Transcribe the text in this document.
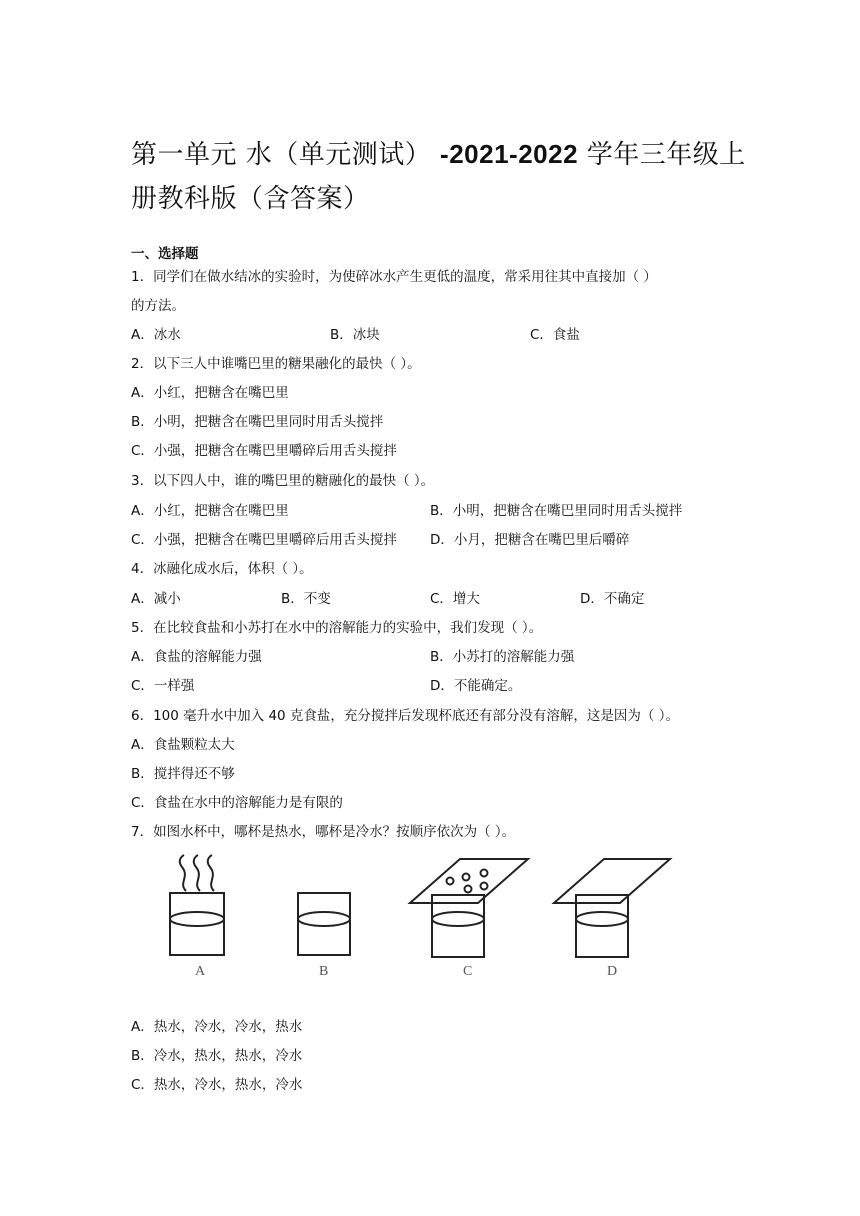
第一单元 水（单元测试） -2021-2022 学年三年级上
册教科版（含答案）
一、选择题
1．同学们在做水结冰的实验时，为使碎冰水产生更低的温度，常采用往其中直接加（ ）
的方法。
A．冰水	B．冰块	C．食盐
2．以下三人中谁嘴巴里的糖果融化的最快（ ）。
A．小红，把糖含在嘴巴里
B．小明，把糖含在嘴巴里同时用舌头搅拌
C．小强，把糖含在嘴巴里嚼碎后用舌头搅拌
3．以下四人中，谁的嘴巴里的糖融化的最快（ ）。
A．小红，把糖含在嘴巴里	B．小明，把糖含在嘴巴里同时用舌头搅拌
C．小强，把糖含在嘴巴里嚼碎后用舌头搅拌 D．小月，把糖含在嘴巴里后嚼碎
4．冰融化成水后，体积（ ）。
A．减小	B．不变	C．增大	D．不确定
5．在比较食盐和小苏打在水中的溶解能力的实验中，我们发现（ ）。
A．食盐的溶解能力强	B．小苏打的溶解能力强
C．一样强	D．不能确定。
6．100 毫升水中加入 40 克食盐，充分搅拌后发现杯底还有部分没有溶解，这是因为（ ）。
A．食盐颗粒太大
B．搅拌得还不够
C．食盐在水中的溶解能力是有限的
7．如图水杯中，哪杯是热水，哪杯是冷水？按顺序依次为（ ）。
A	B	C	D
A．热水，冷水，冷水，热水
B．冷水，热水，热水，冷水
C．热水，冷水，热水，冷水
